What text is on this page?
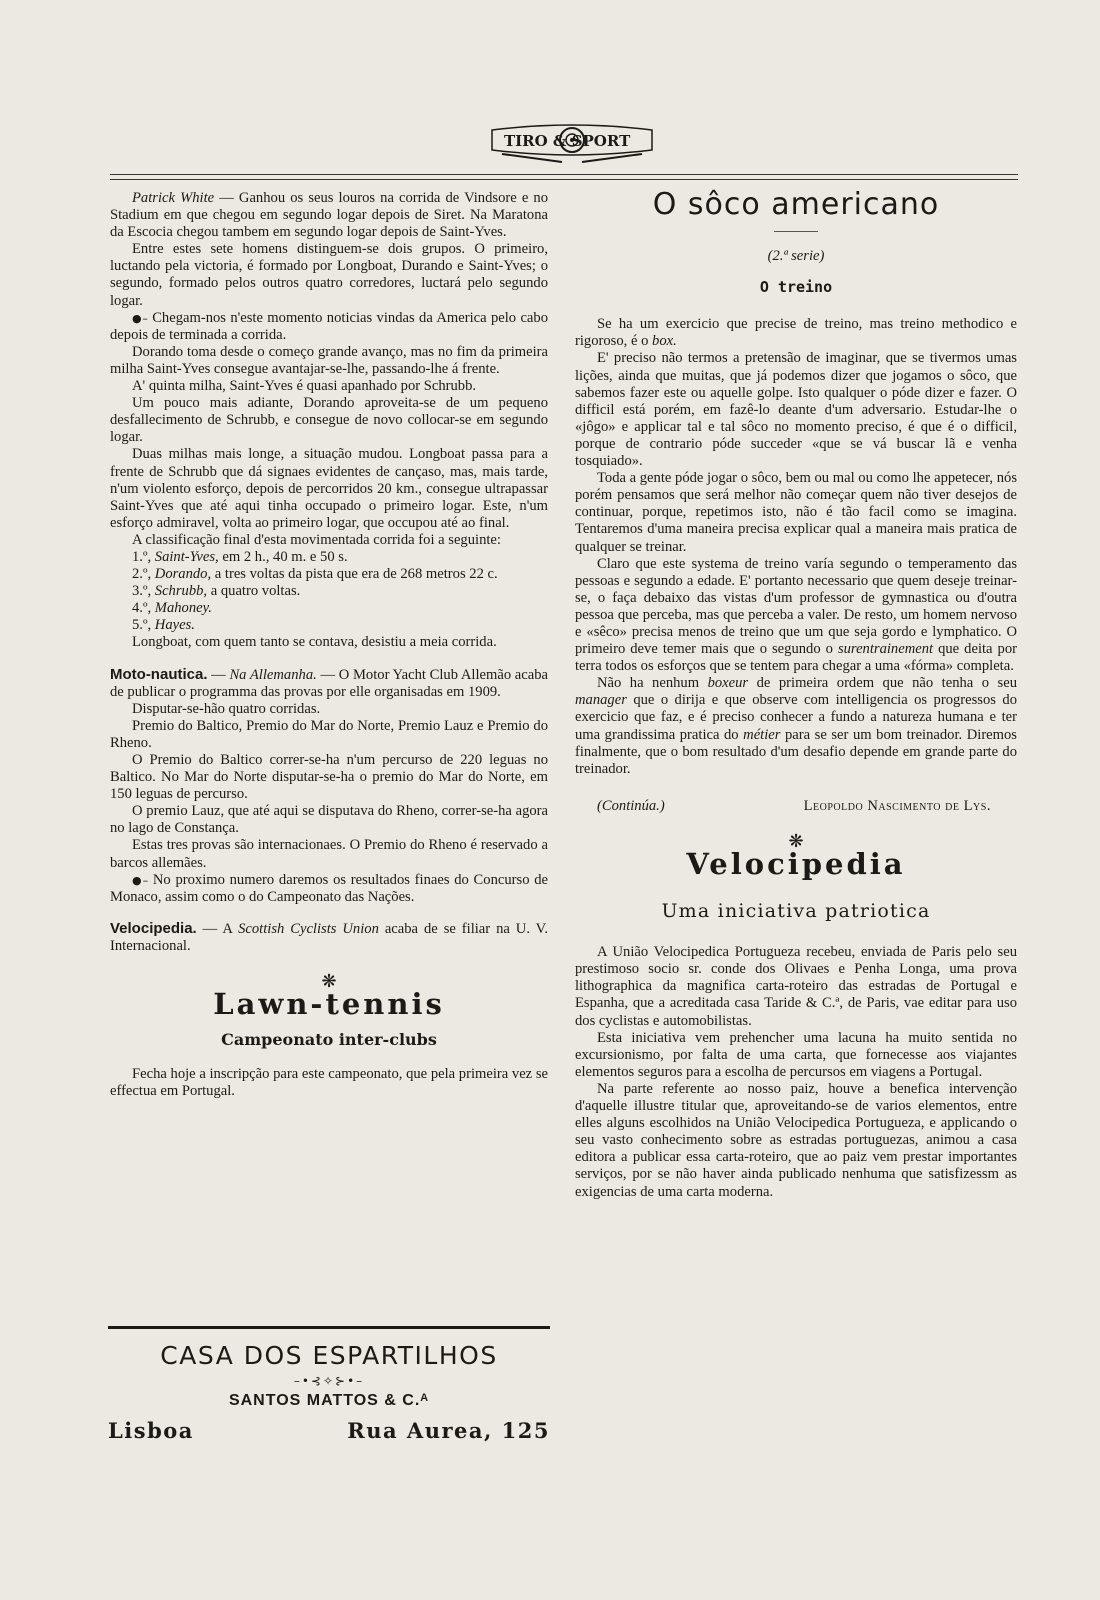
TIRO & SPORT

Patrick White — Ganhou os seus louros na corrida de Vindsore e no Stadium em que chegou em segundo logar depois de Siret. Na Maratona da Escocia chegou tambem em segundo logar depois de Saint-Yves.

Entre estes sete homens distinguem-se dois grupos. O primeiro, luctando pela victoria, é formado por Longboat, Durando e Saint-Yves; o segundo, formado pelos outros quatro corredores, luctará pelo segundo logar.

●– Chegam-nos n'este momento noticias vindas da America pelo cabo depois de terminada a corrida.

Dorando toma desde o começo grande avanço, mas no fim da primeira milha Saint-Yves consegue avantajar-se-lhe, passando-lhe á frente.

A' quinta milha, Saint-Yves é quasi apanhado por Schrubb.

Um pouco mais adiante, Dorando aproveita-se de um pequeno desfallecimento de Schrubb, e consegue de novo collocar-se em segundo logar.

Duas milhas mais longe, a situação mudou. Longboat passa para a frente de Schrubb que dá signaes evidentes de cançaso, mas, mais tarde, n'um violento esforço, depois de percorridos 20 km., consegue ultrapassar Saint-Yves que até aqui tinha occupado o primeiro logar. Este, n'um esforço admiravel, volta ao primeiro logar, que occupou até ao final.

A classificação final d'esta movimentada corrida foi a seguinte:

1.º, Saint-Yves, em 2 h., 40 m. e 50 s.

2.º, Dorando, a tres voltas da pista que era de 268 metros 22 c.

3.º, Schrubb, a quatro voltas.

4.º, Mahoney.

5.º, Hayes.

Longboat, com quem tanto se contava, desistiu a meia corrida.

Moto-nautica. — Na Allemanha. — O Motor Yacht Club Allemão acaba de publicar o programma das provas por elle organisadas em 1909.

Disputar-se-hão quatro corridas.

Premio do Baltico, Premio do Mar do Norte, Premio Lauz e Premio do Rheno.

O Premio do Baltico correr-se-ha n'um percurso de 220 leguas no Baltico. No Mar do Norte disputar-se-ha o premio do Mar do Norte, em 150 leguas de percurso.

O premio Lauz, que até aqui se disputava do Rheno, correr-se-ha agora no lago de Constança.

Estas tres provas são internacionaes. O Premio do Rheno é reservado a barcos allemães.

●– No proximo numero daremos os resultados finaes do Concurso de Monaco, assim como o do Campeonato das Nações.

Velocipedia. — A Scottish Cyclists Union acaba de se filiar na U. V. Internacional.

❋
Lawn-tennis
Campeonato inter-clubs

Fecha hoje a inscripção para este campeonato, que pela primeira vez se effectua em Portugal.

CASA DOS ESPARTILHOS
–•⊰✧⊱•–
SANTOS MATTOS & C.ᴬ
Lisboa	Rua Aurea, 125
O sôco americano
(2.ª serie)
O treino

Se ha um exercicio que precise de treino, mas treino methodico e rigoroso, é o box.

E' preciso não termos a pretensão de imaginar, que se tivermos umas lições, ainda que muitas, que já podemos dizer que jogamos o sôco, que sabemos fazer este ou aquelle golpe. Isto qualquer o póde dizer e fazer. O difficil está porém, em fazê-lo deante d'um adversario. Estudar-lhe o «jôgo» e applicar tal e tal sôco no momento preciso, é que é o difficil, porque de contrario póde succeder «que se vá buscar lã e venha tosquiado».

Toda a gente póde jogar o sôco, bem ou mal ou como lhe appetecer, nós porém pensamos que será melhor não começar quem não tiver desejos de continuar, porque, repetimos isto, não é tão facil como se imagina. Tentaremos d'uma maneira precisa explicar qual a maneira mais pratica de qualquer se treinar.

Claro que este systema de treino varía segundo o temperamento das pessoas e segundo a edade. E' portanto necessario que quem deseje treinar-se, o faça debaixo das vistas d'um professor de gymnastica ou d'outra pessoa que perceba, mas que perceba a valer. De resto, um homem nervoso e «sêco» precisa menos de treino que um que seja gordo e lymphatico. O primeiro deve temer mais que o segundo o surentrainement que deita por terra todos os esforços que se tentem para chegar a uma «fórma» completa.

Não ha nenhum boxeur de primeira ordem que não tenha o seu manager que o dirija e que observe com intelligencia os progressos do exercicio que faz, e é preciso conhecer a fundo a natureza humana e ter uma grandissima pratica do métier para se ser um bom treinador. Diremos finalmente, que o bom resultado d'um desafio depende em grande parte do treinador.

(Continúa.)	Leopoldo Nascimento de Lys.
❋
Velocipedia
Uma iniciativa patriotica

A União Velocipedica Portugueza recebeu, enviada de Paris pelo seu prestimoso socio sr. conde dos Olivaes e Penha Longa, uma prova lithographica da magnifica carta-roteiro das estradas de Portugal e Espanha, que a acreditada casa Taride & C.ª, de Paris, vae editar para uso dos cyclistas e automobilistas.

Esta iniciativa vem prehencher uma lacuna ha muito sentida no excursionismo, por falta de uma carta, que fornecesse aos viajantes elementos seguros para a escolha de percursos em viagens a Portugal.

Na parte referente ao nosso paiz, houve a benefica intervenção d'aquelle illustre titular que, aproveitando-se de varios elementos, entre elles alguns escolhidos na União Velocipedica Portugueza, e applicando o seu vasto conhecimento sobre as estradas portuguezas, animou a casa editora a publicar essa carta-roteiro, que ao paiz vem prestar importantes serviços, por se não haver ainda publicado nenhuma que satisfizessm as exigencias de uma carta moderna.
